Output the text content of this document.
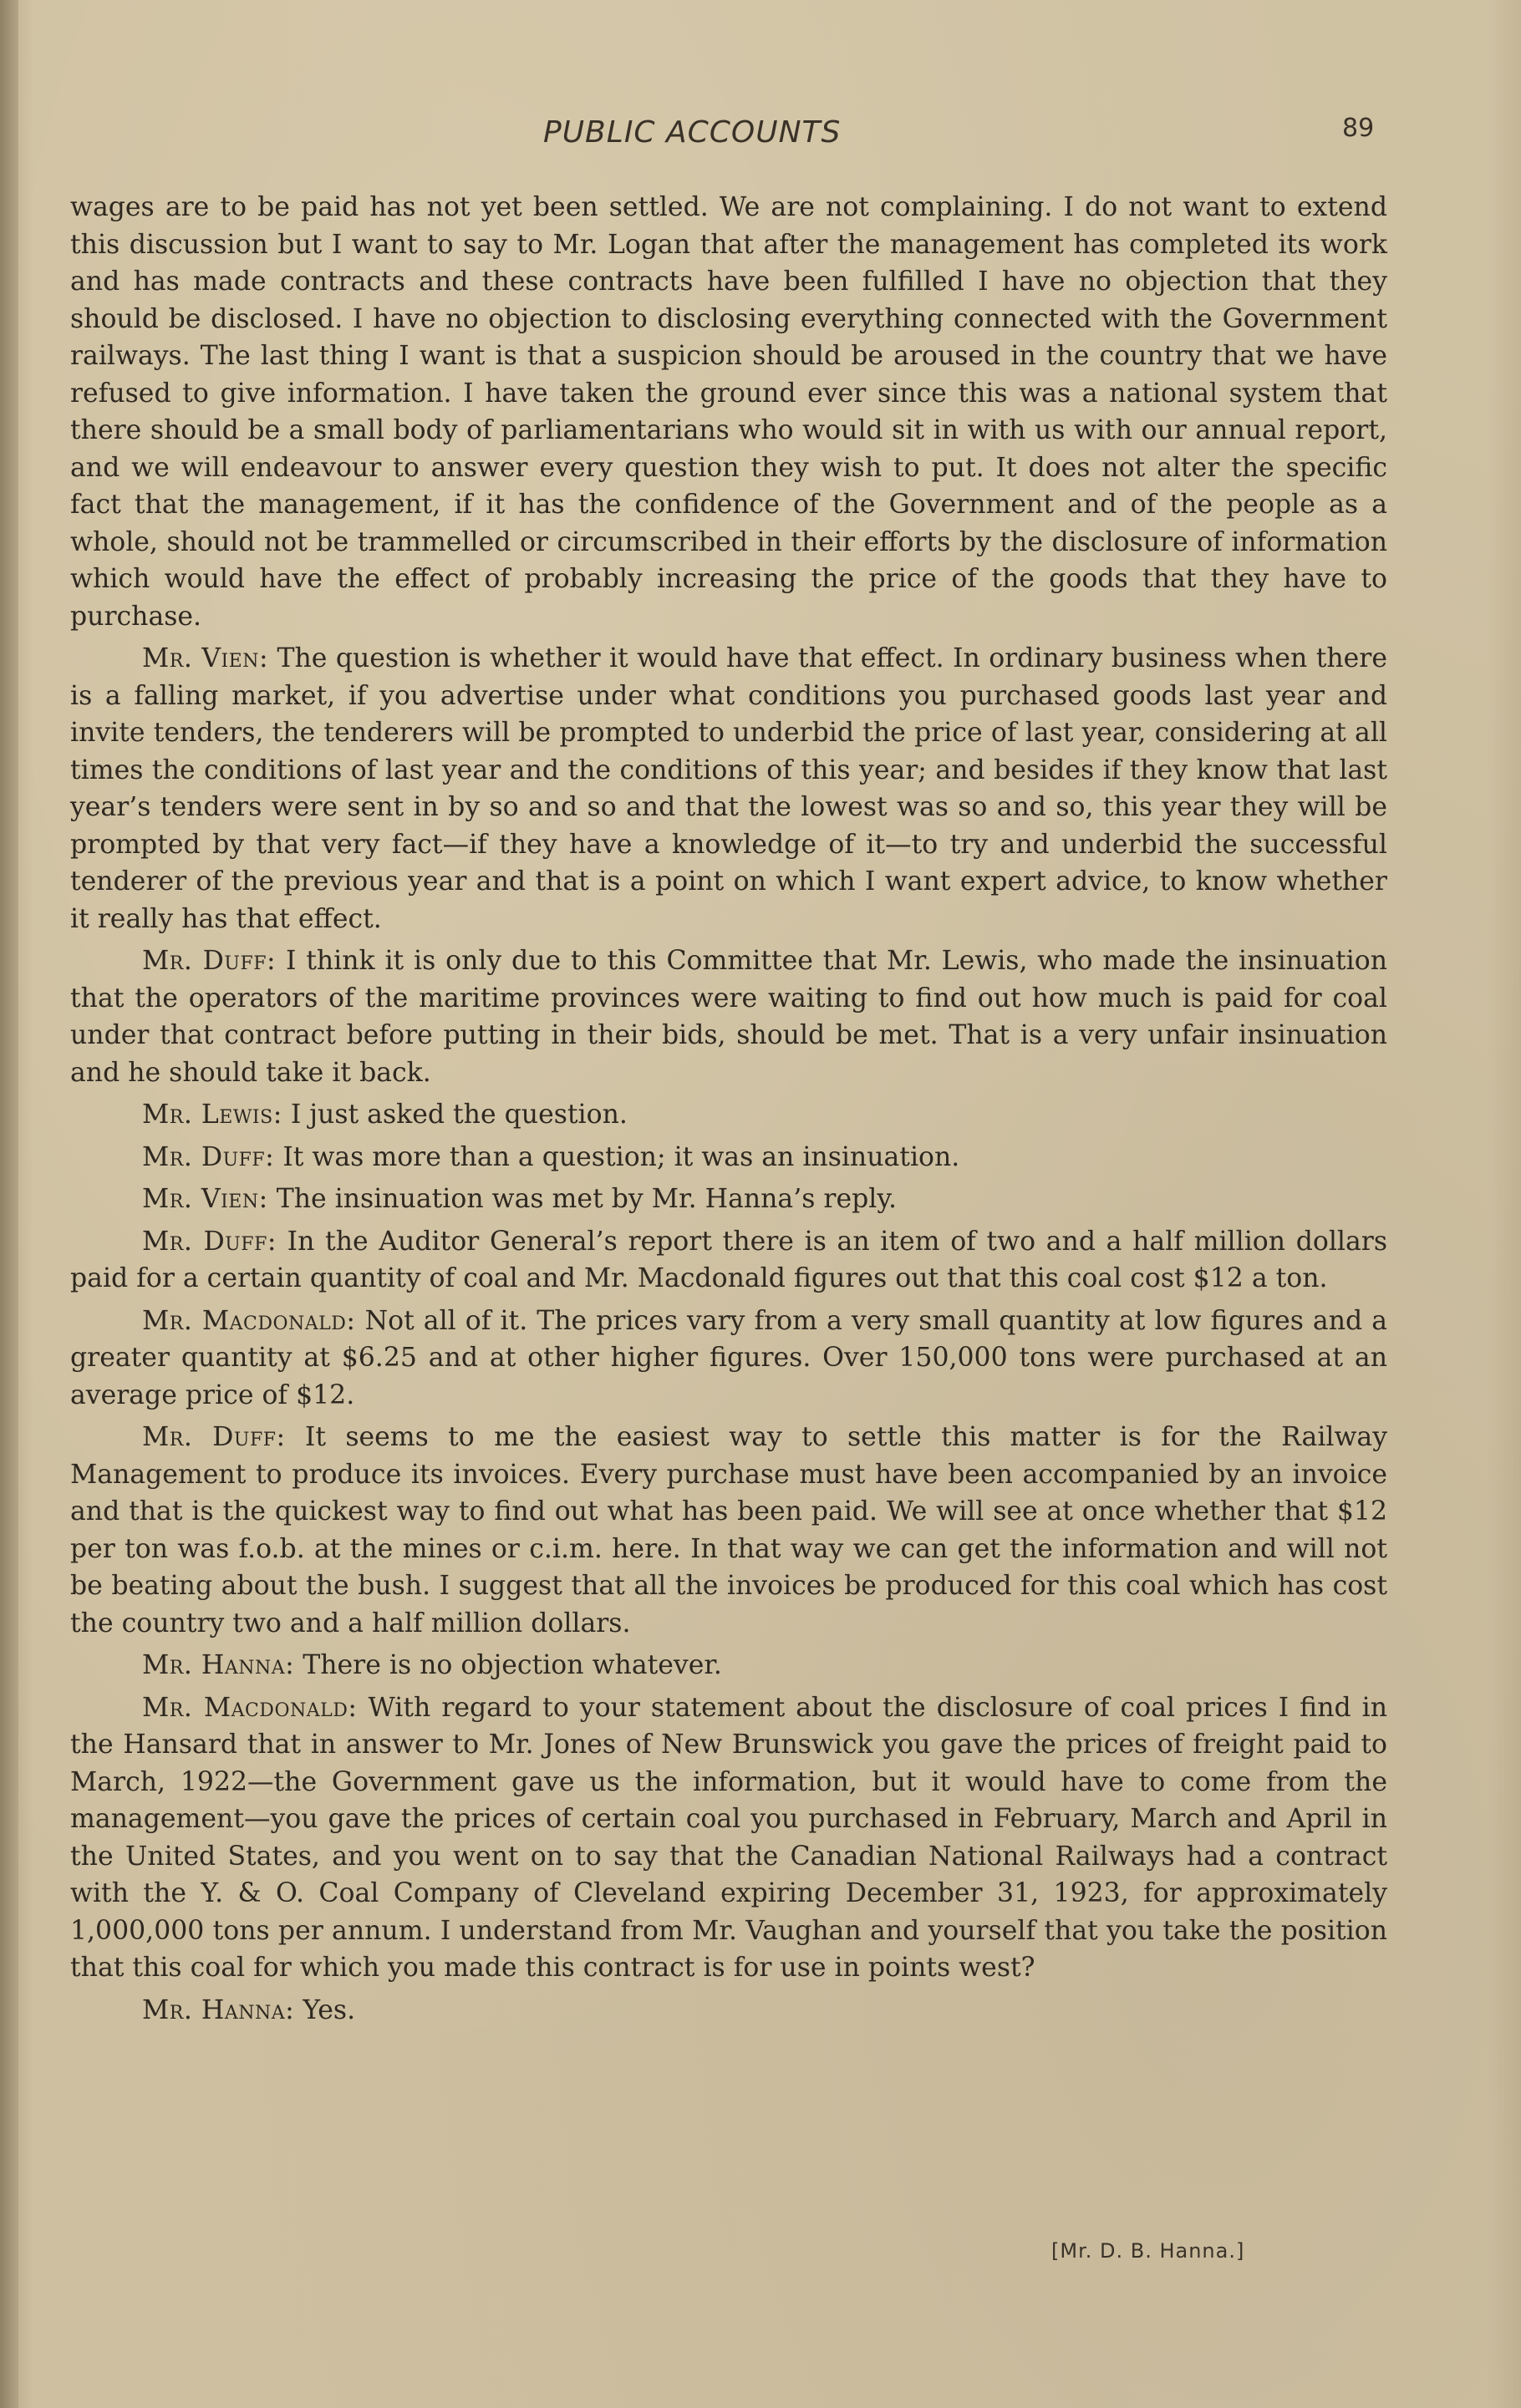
PUBLIC ACCOUNTS	89

wages are to be paid has not yet been settled. We are not complaining. I do not want to extend this discussion but I want to say to Mr. Logan that after the management has completed its work and has made contracts and these contracts have been fulfilled I have no objection that they should be disclosed. I have no objection to disclosing everything connected with the Government railways. The last thing I want is that a suspicion should be aroused in the country that we have refused to give information. I have taken the ground ever since this was a national system that there should be a small body of parliamentarians who would sit in with us with our annual report, and we will endeavour to answer every question they wish to put. It does not alter the specific fact that the management, if it has the confidence of the Government and of the people as a whole, should not be trammelled or circumscribed in their efforts by the disclosure of information which would have the effect of probably increasing the price of the goods that they have to purchase.

Mr. Vien: The question is whether it would have that effect. In ordinary business when there is a falling market, if you advertise under what conditions you purchased goods last year and invite tenders, the tenderers will be prompted to underbid the price of last year, considering at all times the conditions of last year and the conditions of this year; and besides if they know that last year’s tenders were sent in by so and so and that the lowest was so and so, this year they will be prompted by that very fact—if they have a knowledge of it—to try and underbid the successful tenderer of the previous year and that is a point on which I want expert advice, to know whether it really has that effect.

Mr. Duff: I think it is only due to this Committee that Mr. Lewis, who made the insinuation that the operators of the maritime provinces were waiting to find out how much is paid for coal under that contract before putting in their bids, should be met. That is a very unfair insinuation and he should take it back.

Mr. Lewis: I just asked the question.

Mr. Duff: It was more than a question; it was an insinuation.

Mr. Vien: The insinuation was met by Mr. Hanna’s reply.

Mr. Duff: In the Auditor General’s report there is an item of two and a half million dollars paid for a certain quantity of coal and Mr. Macdonald figures out that this coal cost $12 a ton.

Mr. Macdonald: Not all of it. The prices vary from a very small quantity at low figures and a greater quantity at $6.25 and at other higher figures. Over 150,000 tons were purchased at an average price of $12.

Mr. Duff: It seems to me the easiest way to settle this matter is for the Railway Management to produce its invoices. Every purchase must have been accompanied by an invoice and that is the quickest way to find out what has been paid. We will see at once whether that $12 per ton was f.o.b. at the mines or c.i.m. here. In that way we can get the information and will not be beating about the bush. I suggest that all the invoices be produced for this coal which has cost the country two and a half million dollars.

Mr. Hanna: There is no objection whatever.

Mr. Macdonald: With regard to your statement about the disclosure of coal prices I find in the Hansard that in answer to Mr. Jones of New Brunswick you gave the prices of freight paid to March, 1922—the Government gave us the information, but it would have to come from the management—you gave the prices of certain coal you purchased in February, March and April in the United States, and you went on to say that the Canadian National Railways had a contract with the Y. & O. Coal Company of Cleveland expiring December 31, 1923, for approximately 1,000,000 tons per annum. I understand from Mr. Vaughan and yourself that you take the position that this coal for which you made this contract is for use in points west?

Mr. Hanna: Yes.

[Mr. D. B. Hanna.]
